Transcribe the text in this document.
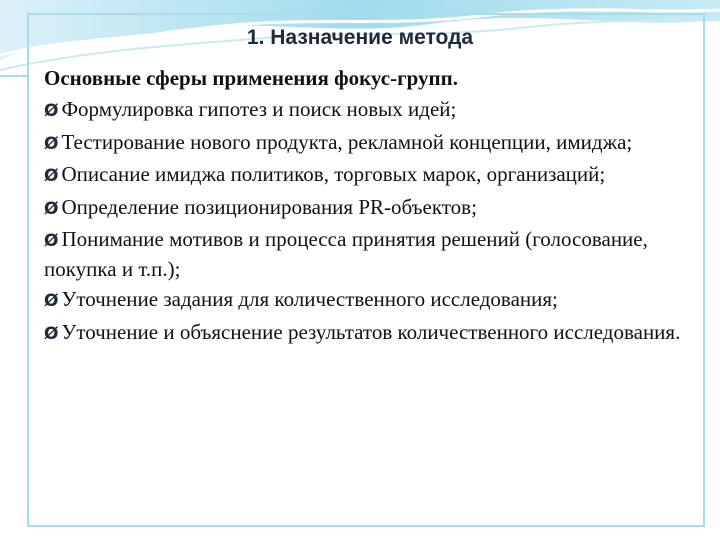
1. Назначение метода
Основные сферы применения фокус-групп.
Ø Формулировка гипотез и поиск новых идей;
Ø Тестирование нового продукта, рекламной концепции, имиджа;
Ø Описание имиджа политиков, торговых марок, организаций;
Ø Определение позиционирования PR-объектов;
Ø Понимание мотивов и процесса принятия решений (голосование, покупка и т.п.);
Ø Уточнение задания для количественного исследования;
Ø Уточнение и объяснение результатов количественного исследования.
